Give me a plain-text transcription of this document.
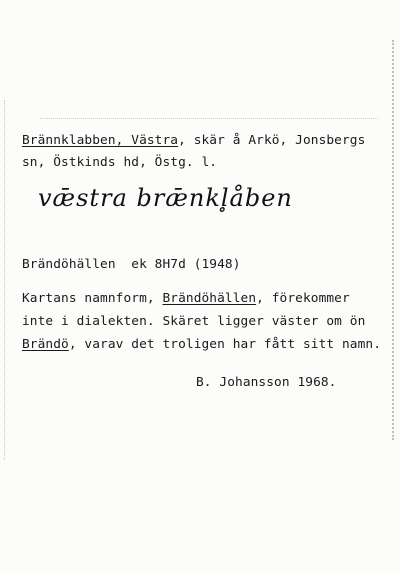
Brännklabben, Västra, skär å Arkö, Jonsbergs
sn, Östkinds hd, Östg. l.
vǣstra brǣnkl̥åben
Brändöhällen  ek 8H7d (1948)
Kartans namnform, Brändöhällen, förekommer
inte i dialekten. Skäret ligger väster om ön
Brändö, varav det troligen har fått sitt namn.
B. Johansson 1968.
